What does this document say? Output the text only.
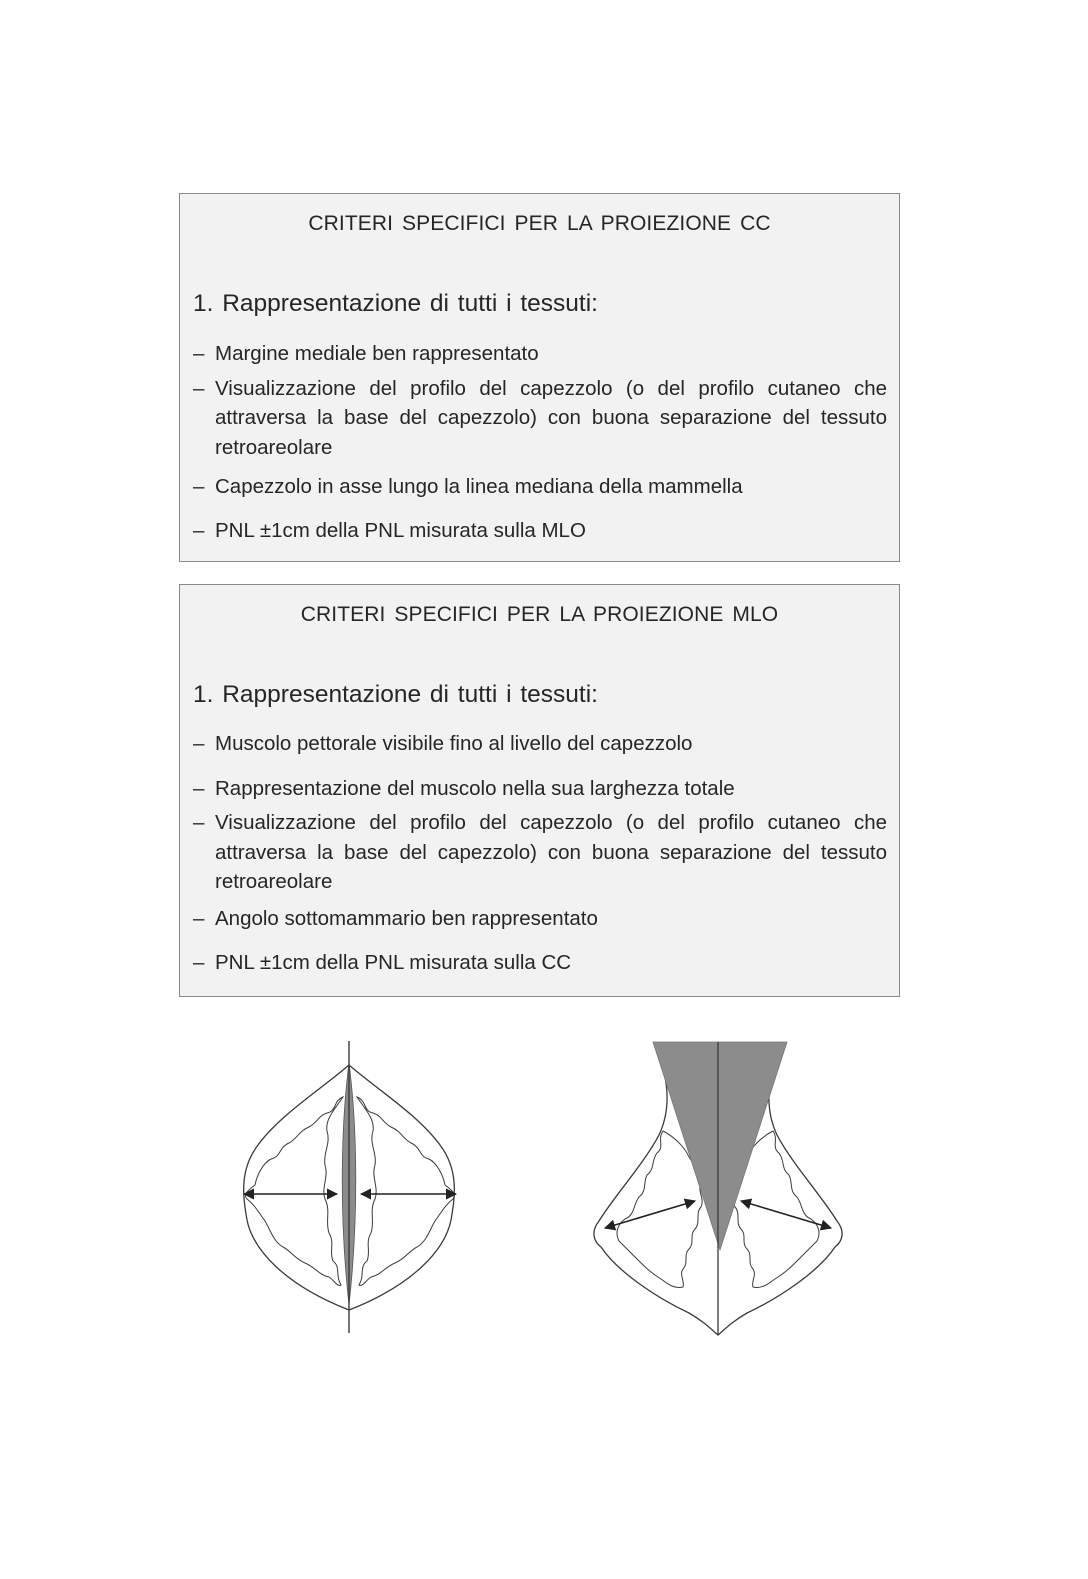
CRITERI SPECIFICI PER LA PROIEZIONE CC
1. Rappresentazione di tutti i tessuti:
– Margine mediale ben rappresentato
– Visualizzazione del profilo del capezzolo (o del profilo cutaneo che attraversa la base del capezzolo) con buona separazione del tessuto retroareolare
– Capezzolo in asse lungo la linea mediana della mammella
– PNL ±1cm della PNL misurata sulla MLO
CRITERI SPECIFICI PER LA PROIEZIONE MLO
1. Rappresentazione di tutti i tessuti:
– Muscolo pettorale visibile fino al livello del capezzolo
– Rappresentazione del muscolo nella sua larghezza totale
– Visualizzazione del profilo del capezzolo (o del profilo cutaneo che attraversa la base del capezzolo) con buona separazione del tessuto retroareolare
– Angolo sottomammario ben rappresentato
– PNL ±1cm della PNL misurata sulla CC
